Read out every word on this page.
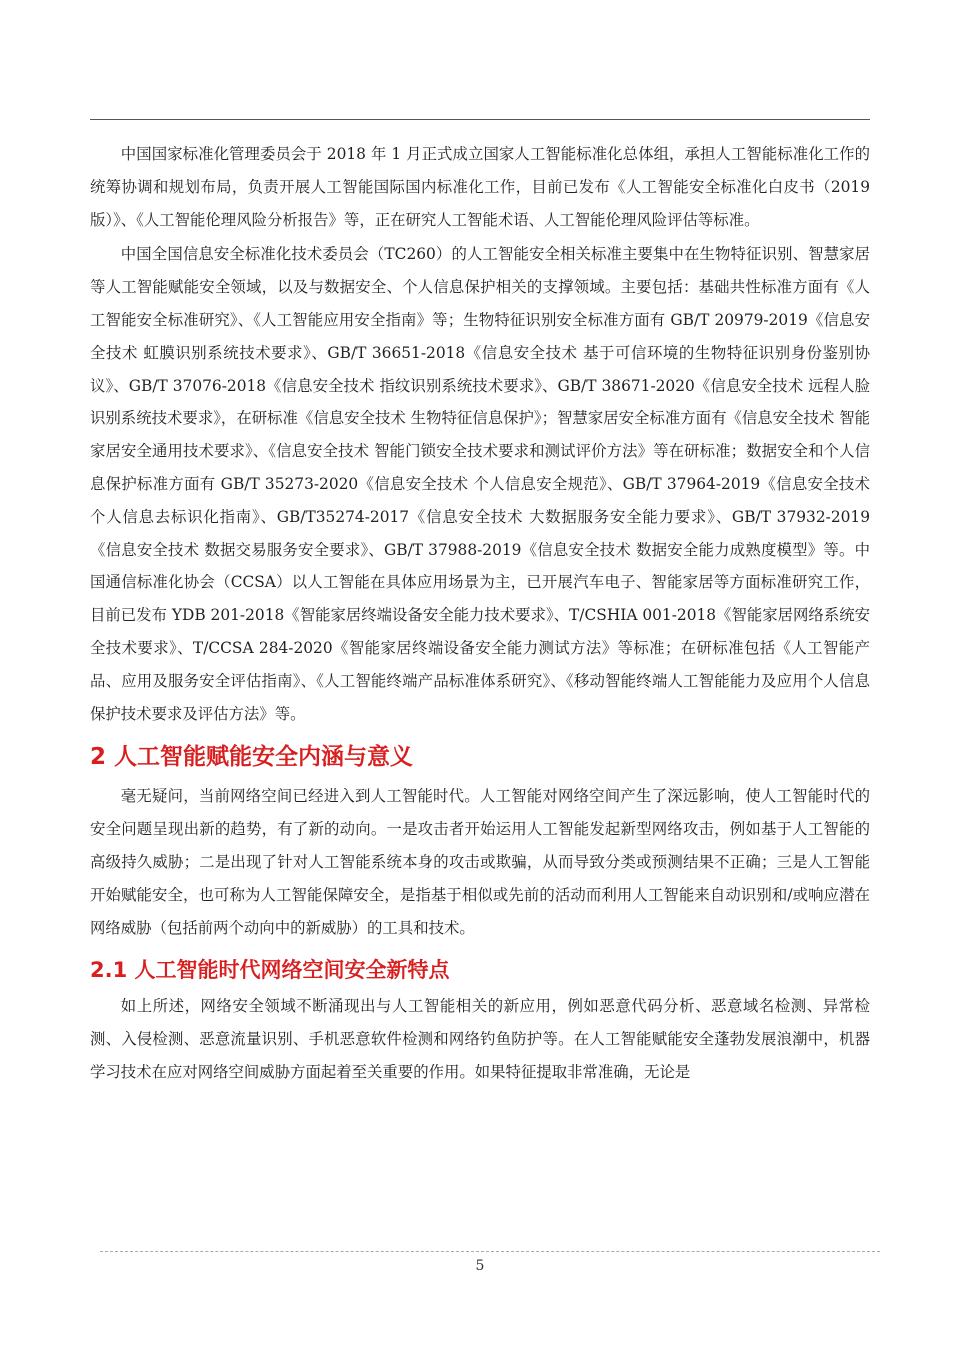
中国国家标准化管理委员会于 2018 年 1 月正式成立国家人工智能标准化总体组，承担人工智能标准化工作的统筹协调和规划布局，负责开展人工智能国际国内标准化工作，目前已发布《人工智能安全标准化白皮书（2019 版）》、《人工智能伦理风险分析报告》等，正在研究人工智能术语、人工智能伦理风险评估等标准。

中国全国信息安全标准化技术委员会（TC260）的人工智能安全相关标准主要集中在生物特征识别、智慧家居等人工智能赋能安全领域，以及与数据安全、个人信息保护相关的支撑领域。主要包括：基础共性标准方面有《人工智能安全标准研究》、《人工智能应用安全指南》等；生物特征识别安全标准方面有 GB/T 20979-2019《信息安全技术 虹膜识别系统技术要求》、GB/T 36651-2018《信息安全技术 基于可信环境的生物特征识别身份鉴别协议》、GB/T 37076-2018《信息安全技术 指纹识别系统技术要求》、GB/T 38671-2020《信息安全技术 远程人脸识别系统技术要求》，在研标准《信息安全技术 生物特征信息保护》；智慧家居安全标准方面有《信息安全技术 智能家居安全通用技术要求》、《信息安全技术 智能门锁安全技术要求和测试评价方法》等在研标准；数据安全和个人信息保护标准方面有 GB/T 35273-2020《信息安全技术 个人信息安全规范》、GB/T 37964-2019《信息安全技术 个人信息去标识化指南》、GB/T35274-2017《信息安全技术 大数据服务安全能力要求》、GB/T 37932-2019《信息安全技术 数据交易服务安全要求》、GB/T 37988-2019《信息安全技术 数据安全能力成熟度模型》等。中国通信标准化协会（CCSA）以人工智能在具体应用场景为主，已开展汽车电子、智能家居等方面标准研究工作，目前已发布 YDB 201-2018《智能家居终端设备安全能力技术要求》、T/CSHIA 001-2018《智能家居网络系统安全技术要求》、T/CCSA 284-2020《智能家居终端设备安全能力测试方法》等标准；在研标准包括《人工智能产品、应用及服务安全评估指南》、《人工智能终端产品标准体系研究》、《移动智能终端人工智能能力及应用个人信息保护技术要求及评估方法》等。

2 人工智能赋能安全内涵与意义

毫无疑问，当前网络空间已经进入到人工智能时代。人工智能对网络空间产生了深远影响，使人工智能时代的安全问题呈现出新的趋势，有了新的动向。一是攻击者开始运用人工智能发起新型网络攻击，例如基于人工智能的高级持久威胁；二是出现了针对人工智能系统本身的攻击或欺骗，从而导致分类或预测结果不正确；三是人工智能开始赋能安全，也可称为人工智能保障安全，是指基于相似或先前的活动而利用人工智能来自动识别和/或响应潜在网络威胁（包括前两个动向中的新威胁）的工具和技术。

2.1 人工智能时代网络空间安全新特点

如上所述，网络安全领域不断涌现出与人工智能相关的新应用，例如恶意代码分析、恶意域名检测、异常检测、入侵检测、恶意流量识别、手机恶意软件检测和网络钓鱼防护等。在人工智能赋能安全蓬勃发展浪潮中，机器学习技术在应对网络空间威胁方面起着至关重要的作用。如果特征提取非常准确，无论是

5
